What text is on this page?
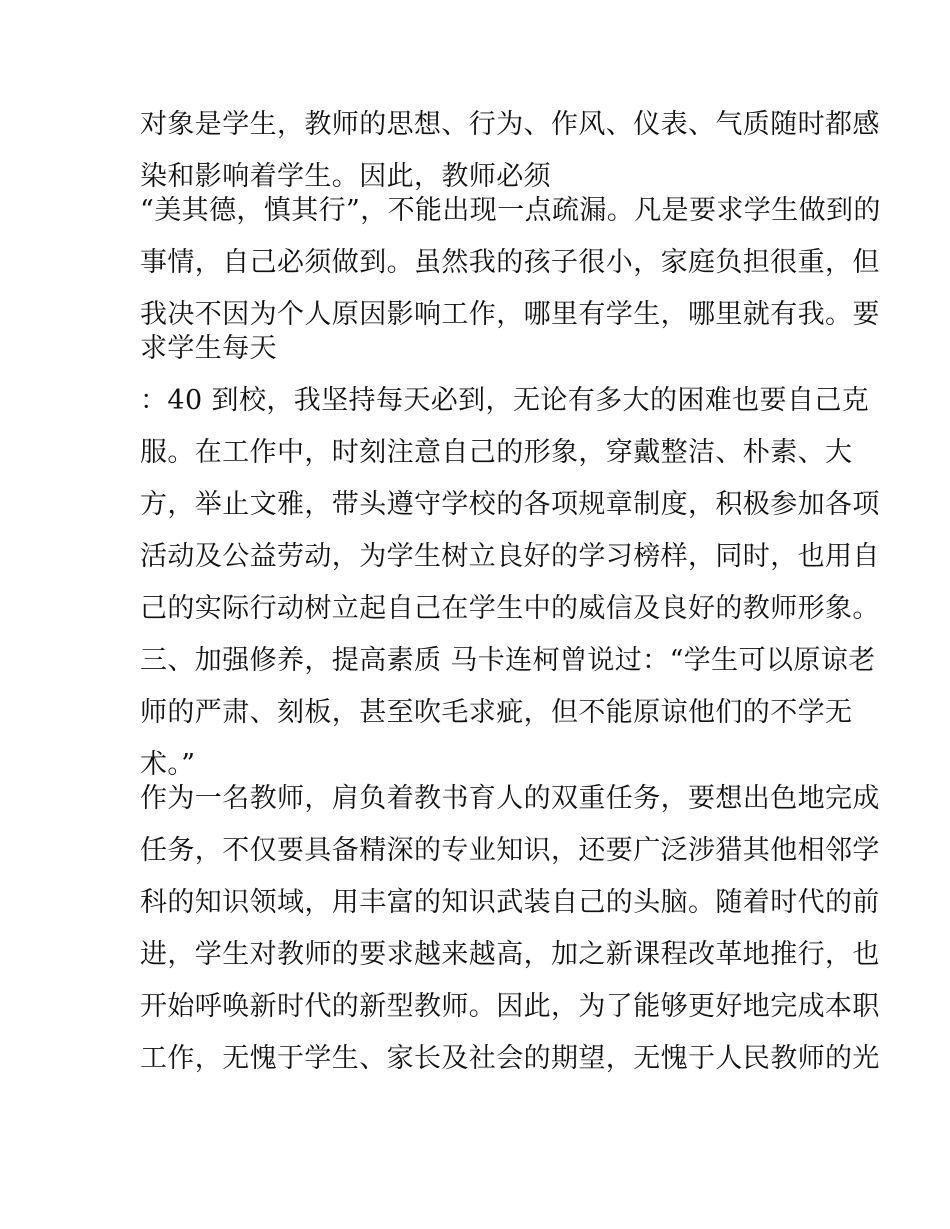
对象是学生，教师的思想、行为、作风、仪表、气质随时都感
染和影响着学生。因此，教师必须
“美其德，慎其行”，不能出现一点疏漏。凡是要求学生做到的
事情，自己必须做到。虽然我的孩子很小，家庭负担很重，但
我决不因为个人原因影响工作，哪里有学生，哪里就有我。要
求学生每天
：40 到校，我坚持每天必到，无论有多大的困难也要自己克
服。在工作中，时刻注意自己的形象，穿戴整洁、朴素、大
方，举止文雅，带头遵守学校的各项规章制度，积极参加各项
活动及公益劳动，为学生树立良好的学习榜样，同时，也用自
己的实际行动树立起自己在学生中的威信及良好的教师形象。
三、加强修养，提高素质 马卡连柯曾说过：“学生可以原谅老
师的严肃、刻板，甚至吹毛求疵，但不能原谅他们的不学无
术。”
作为一名教师，肩负着教书育人的双重任务，要想出色地完成
任务，不仅要具备精深的专业知识，还要广泛涉猎其他相邻学
科的知识领域，用丰富的知识武装自己的头脑。随着时代的前
进，学生对教师的要求越来越高，加之新课程改革地推行，也
开始呼唤新时代的新型教师。因此，为了能够更好地完成本职
工作，无愧于学生、家长及社会的期望，无愧于人民教师的光
